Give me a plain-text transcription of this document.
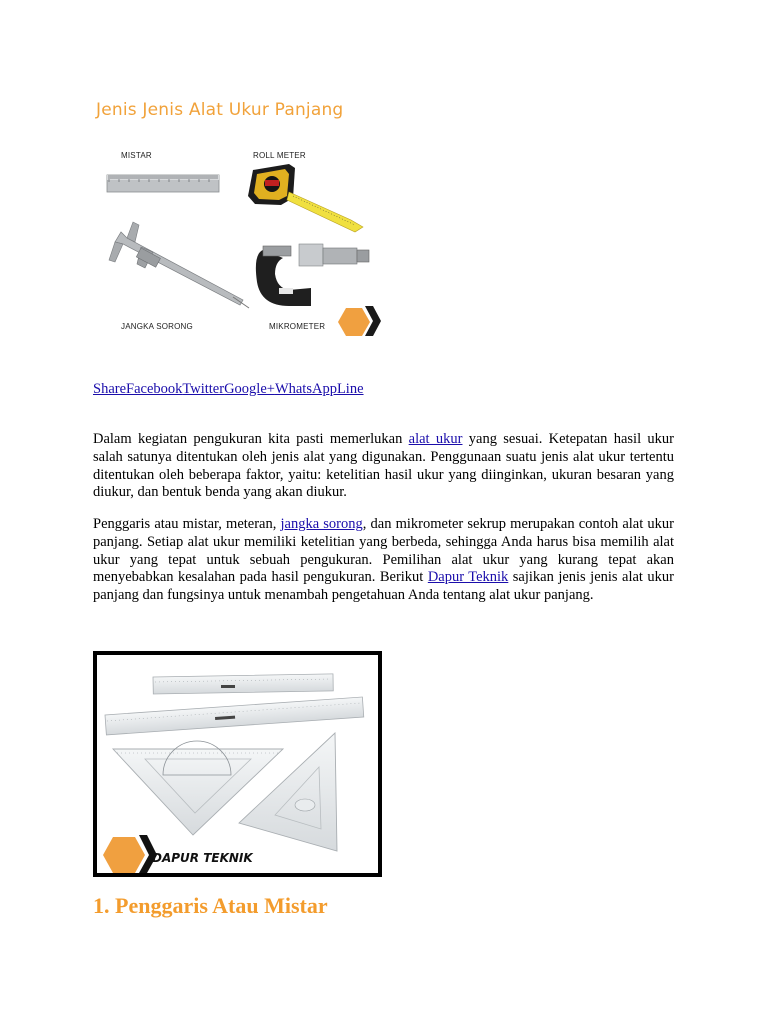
Jenis Jenis Alat Ukur Panjang
MISTAR	ROLL METER
JANGKA SORONG	MIKROMETER
ShareFacebookTwitterGoogle+WhatsAppLine

Dalam kegiatan pengukuran kita pasti memerlukan alat ukur yang sesuai. Ketepatan hasil ukur salah satunya ditentukan oleh jenis alat yang digunakan. Penggunaan suatu jenis alat ukur tertentu ditentukan oleh beberapa faktor, yaitu: ketelitian hasil ukur yang diinginkan, ukuran besaran yang diukur, dan bentuk benda yang akan diukur.

Penggaris atau mistar, meteran, jangka sorong, dan mikrometer sekrup merupakan contoh alat ukur panjang. Setiap alat ukur memiliki ketelitian yang berbeda, sehingga Anda harus bisa memilih alat ukur yang tepat untuk sebuah pengukuran. Pemilihan alat ukur yang kurang tepat akan menyebabkan kesalahan pada hasil pengukuran. Berikut Dapur Teknik sajikan jenis jenis alat ukur panjang dan fungsinya untuk menambah pengetahuan Anda tentang alat ukur panjang.

DAPUR TEKNIK
1. Penggaris Atau Mistar
